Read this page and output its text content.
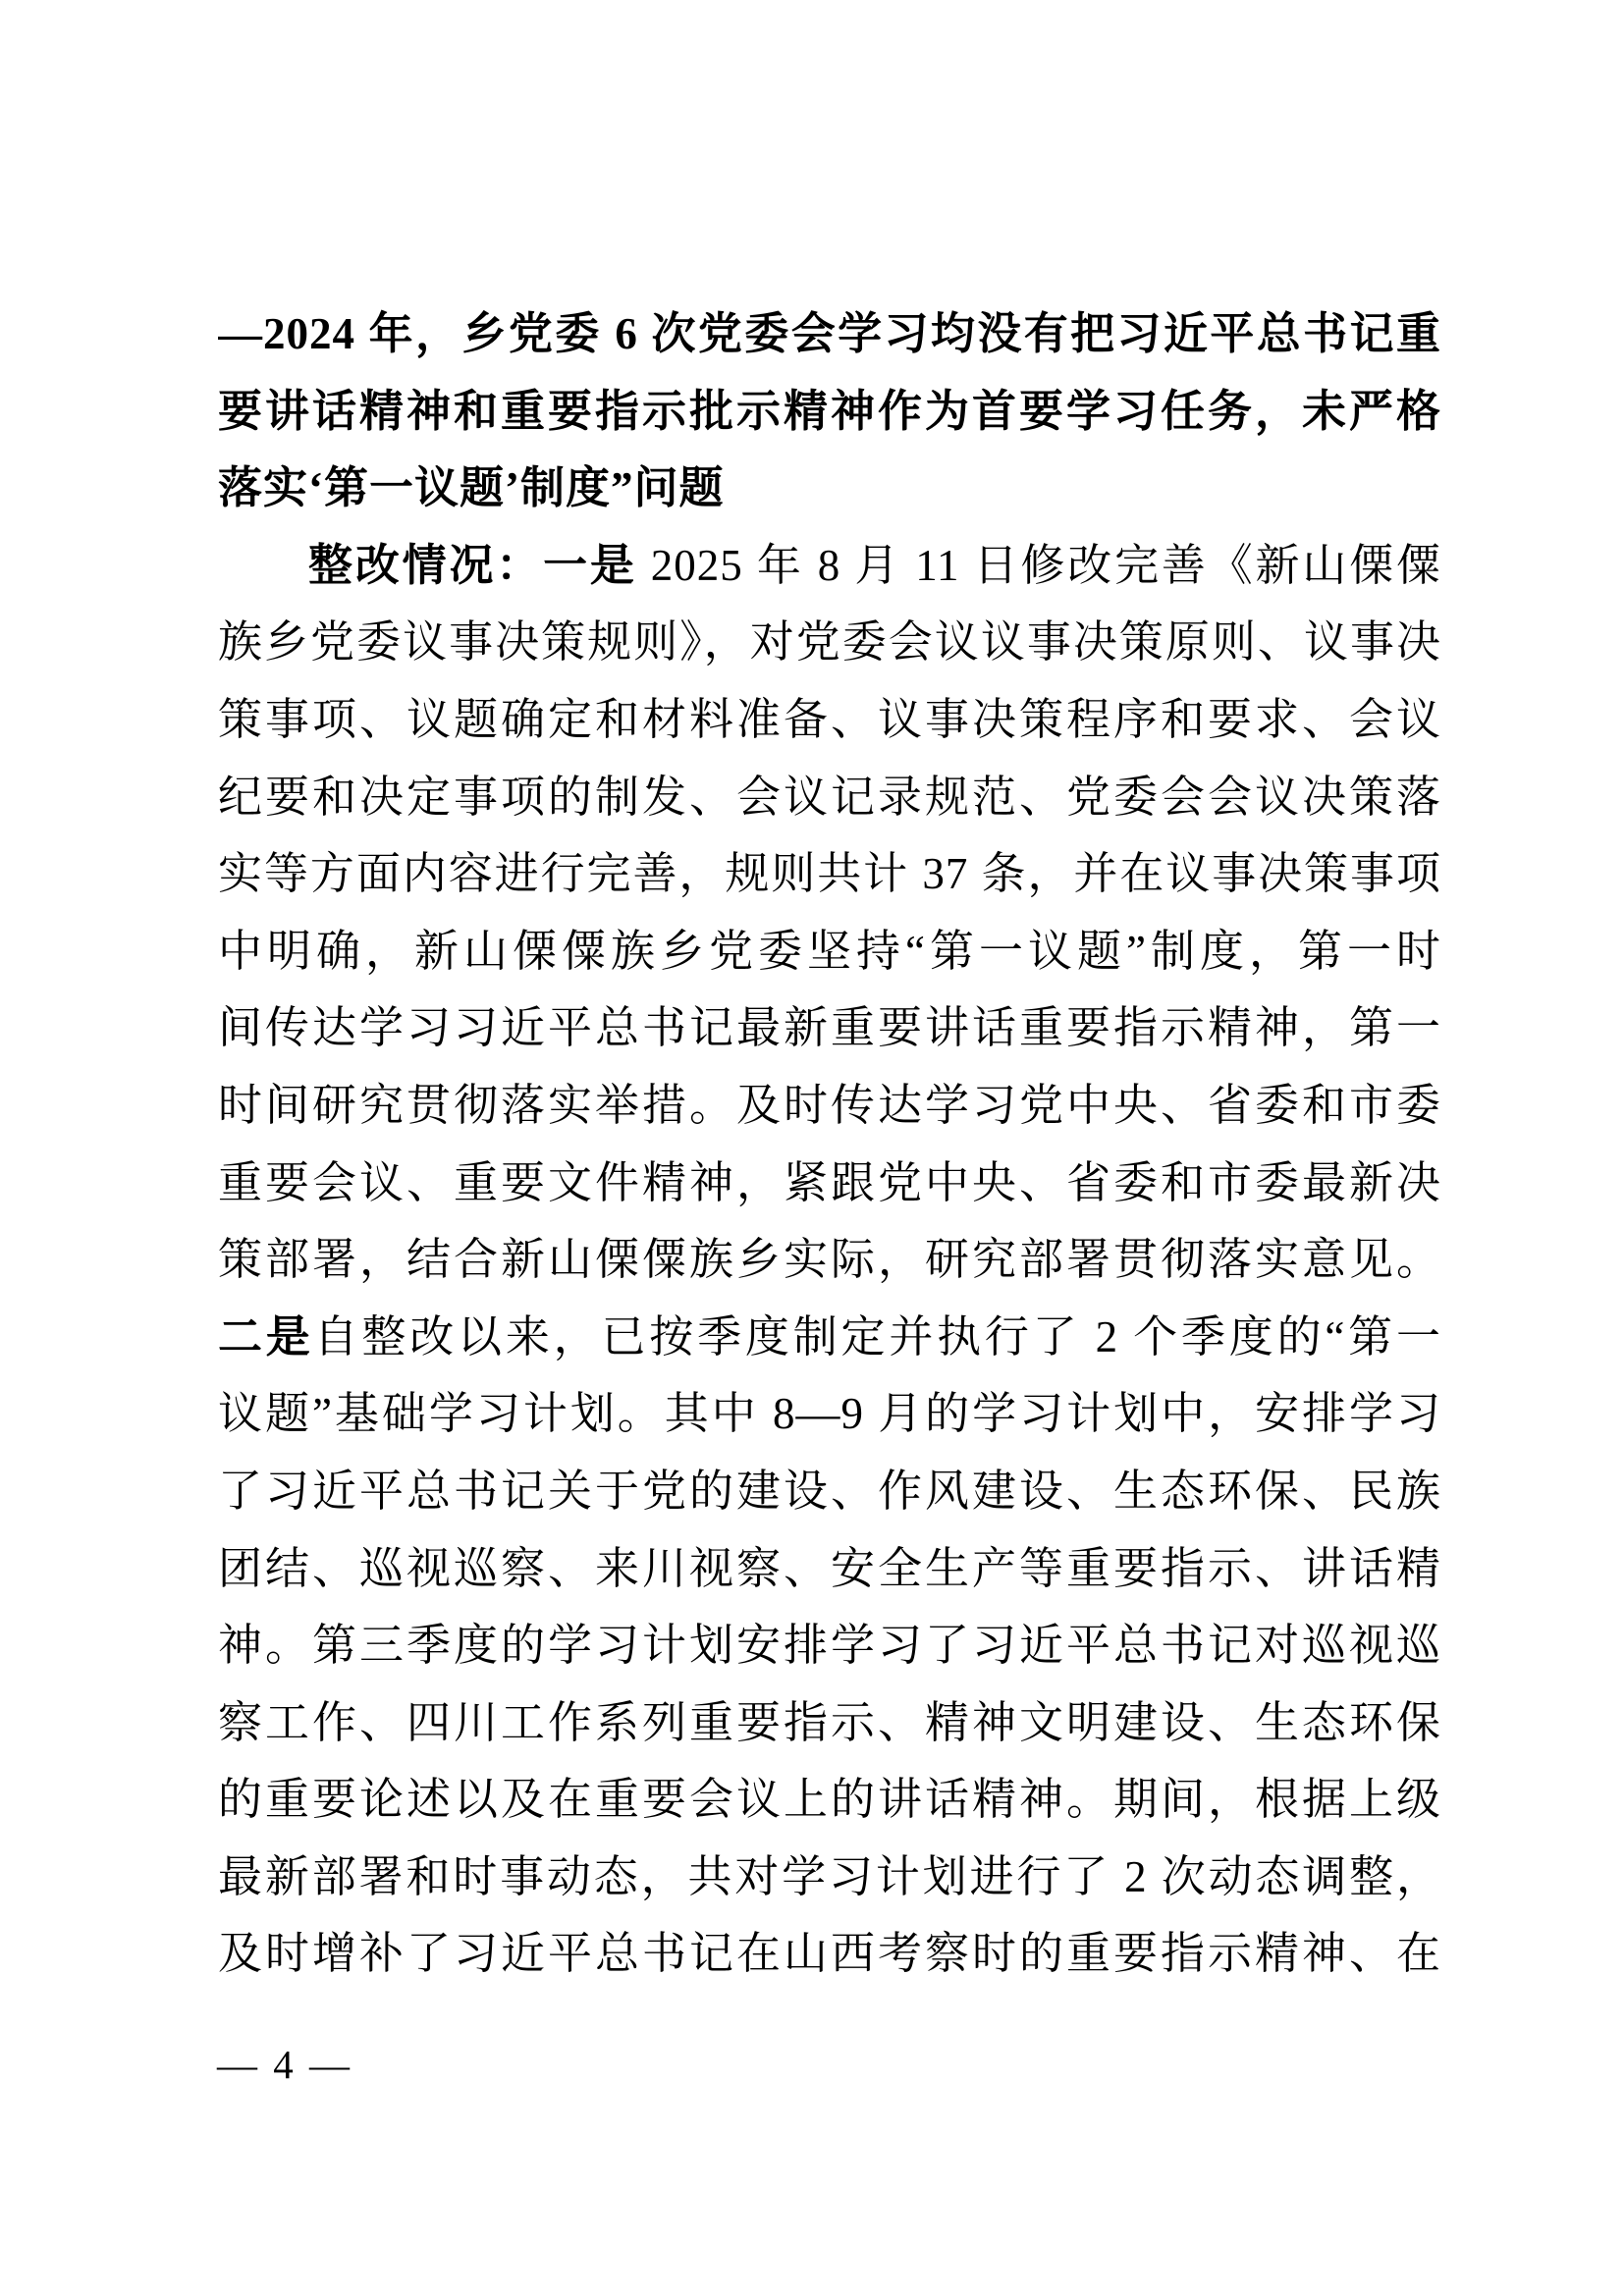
—2024 年，乡党委 6 次党委会学习均没有把习近平总书记重
要讲话精神和重要指示批示精神作为首要学习任务，未严格
落实‘第一议题’制度”问题
整改情况：一是 2025 年 8 月 11 日修改完善《新山傈僳
族乡党委议事决策规则》，对党委会议议事决策原则、议事决
策事项、议题确定和材料准备、议事决策程序和要求、会议
纪要和决定事项的制发、会议记录规范、党委会会议决策落
实等方面内容进行完善，规则共计 37 条，并在议事决策事项
中明确，新山傈僳族乡党委坚持“第一议题”制度，第一时
间传达学习习近平总书记最新重要讲话重要指示精神，第一
时间研究贯彻落实举措。及时传达学习党中央、省委和市委
重要会议、重要文件精神，紧跟党中央、省委和市委最新决
策部署，结合新山傈僳族乡实际，研究部署贯彻落实意见。
二是自整改以来，已按季度制定并执行了 2 个季度的“第一
议题”基础学习计划。其中 8—9 月的学习计划中，安排学习
了习近平总书记关于党的建设、作风建设、生态环保、民族
团结、巡视巡察、来川视察、安全生产等重要指示、讲话精
神。第三季度的学习计划安排学习了习近平总书记对巡视巡
察工作、四川工作系列重要指示、精神文明建设、生态环保
的重要论述以及在重要会议上的讲话精神。期间，根据上级
最新部署和时事动态，共对学习计划进行了 2 次动态调整，
及时增补了习近平总书记在山西考察时的重要指示精神、在
— 4 —
